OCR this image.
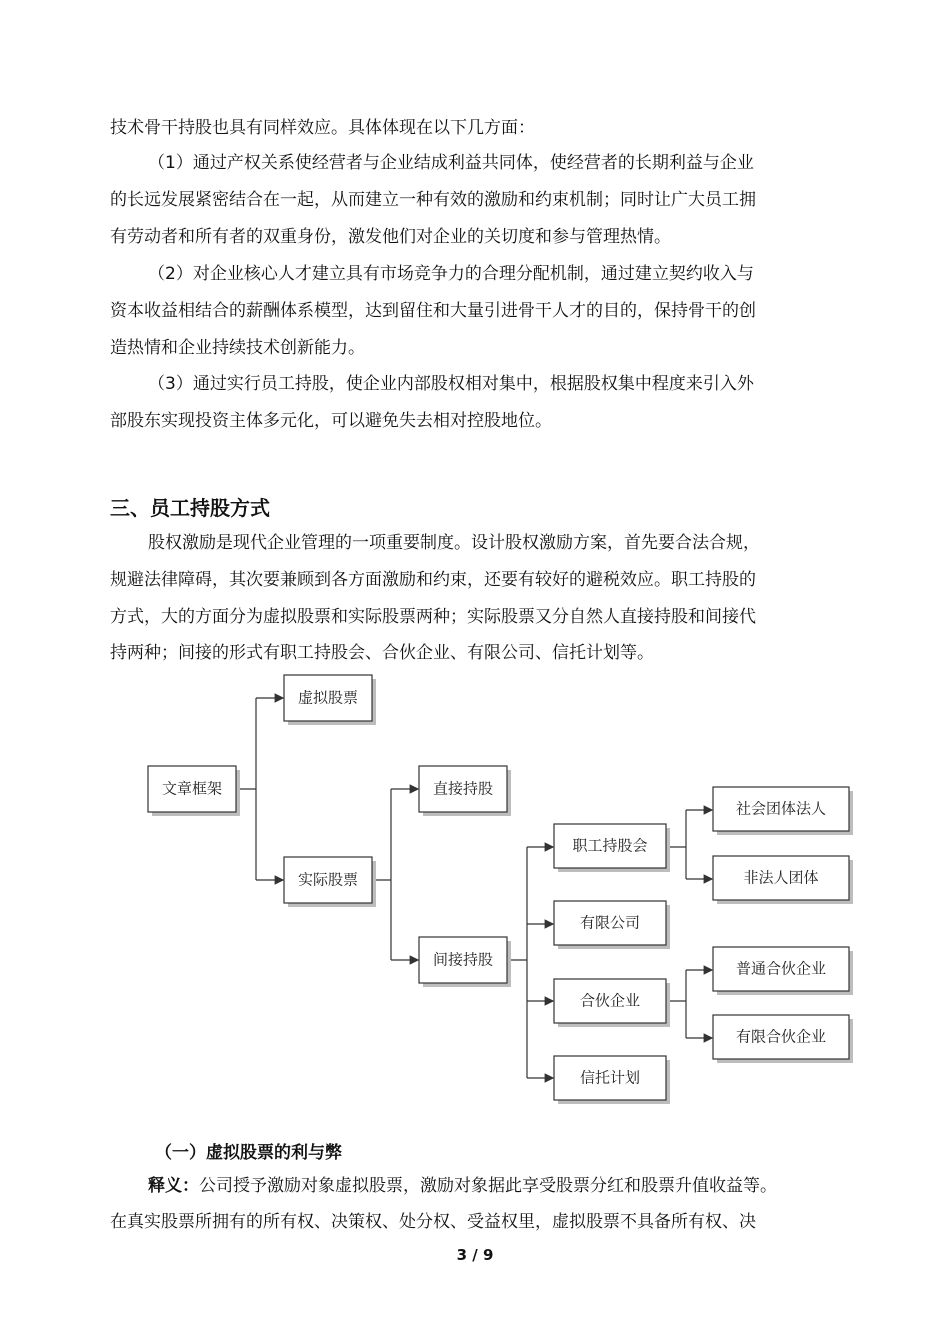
技术骨干持股也具有同样效应。具体体现在以下几方面：
（1）通过产权关系使经营者与企业结成利益共同体，使经营者的长期利益与企业
的长远发展紧密结合在一起，从而建立一种有效的激励和约束机制；同时让广大员工拥
有劳动者和所有者的双重身份，激发他们对企业的关切度和参与管理热情。
（2）对企业核心人才建立具有市场竞争力的合理分配机制，通过建立契约收入与
资本收益相结合的薪酬体系模型，达到留住和大量引进骨干人才的目的，保持骨干的创
造热情和企业持续技术创新能力。
（3）通过实行员工持股，使企业内部股权相对集中，根据股权集中程度来引入外
部股东实现投资主体多元化，可以避免失去相对控股地位。
三、员工持股方式
股权激励是现代企业管理的一项重要制度。设计股权激励方案，首先要合法合规，
规避法律障碍，其次要兼顾到各方面激励和约束，还要有较好的避税效应。职工持股的
方式，大的方面分为虚拟股票和实际股票两种；实际股票又分自然人直接持股和间接代
持两种；间接的形式有职工持股会、合伙企业、有限公司、信托计划等。
文章框架
虚拟股票
实际股票
直接持股
间接持股
职工持股会
有限公司
合伙企业
信托计划
社会团体法人
非法人团体
普通合伙企业
有限合伙企业
（一）虚拟股票的利与弊
释义：公司授予激励对象虚拟股票，激励对象据此享受股票分红和股票升值收益等。
在真实股票所拥有的所有权、决策权、处分权、受益权里，虚拟股票不具备所有权、决
3 / 9
